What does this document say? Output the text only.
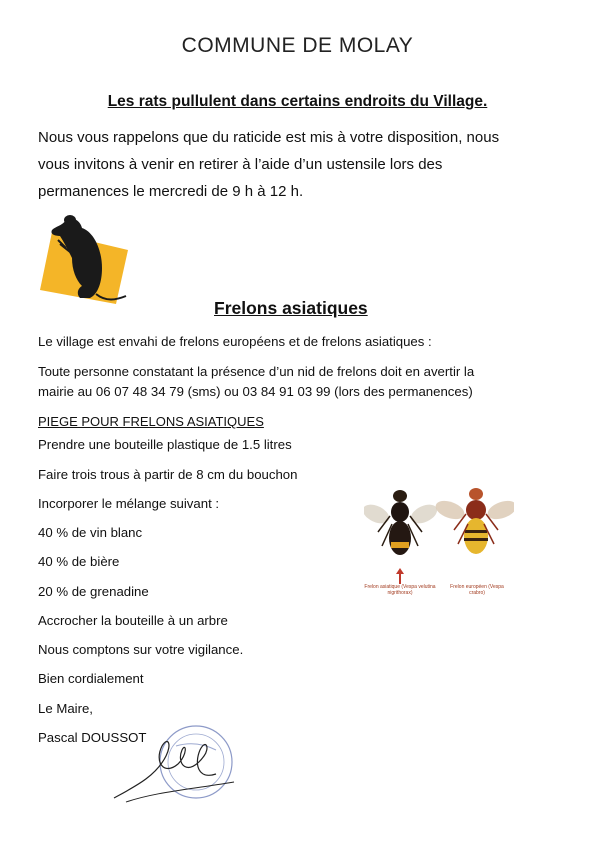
COMMUNE DE MOLAY
Les rats pullulent dans certains endroits du Village.
Nous vous rappelons que du raticide est mis à votre disposition, nous
vous invitons à venir en retirer à l’aide d’un ustensile lors des
permanences le mercredi de 9 h à 12 h.
Frelons asiatiques
Le village est envahi de frelons européens et de frelons asiatiques :
Toute personne constatant la présence d’un nid de frelons doit en avertir la
mairie au 06 07 48 34 79 (sms) ou 03 84 91 03 99 (lors des permanences)
PIEGE POUR FRELONS ASIATIQUES
Prendre une bouteille plastique de 1.5 litres
Faire trois trous à partir de 8 cm du bouchon
Incorporer le mélange suivant :
40 % de vin blanc
40 % de bière
20 % de grenadine
Accrocher la bouteille à un arbre
Nous comptons sur votre vigilance.
Bien cordialement
Le Maire,
Pascal DOUSSOT
Frelon asiatique (Vespa velutina nigrithorax)
Frelon européen (Vespa crabro)
